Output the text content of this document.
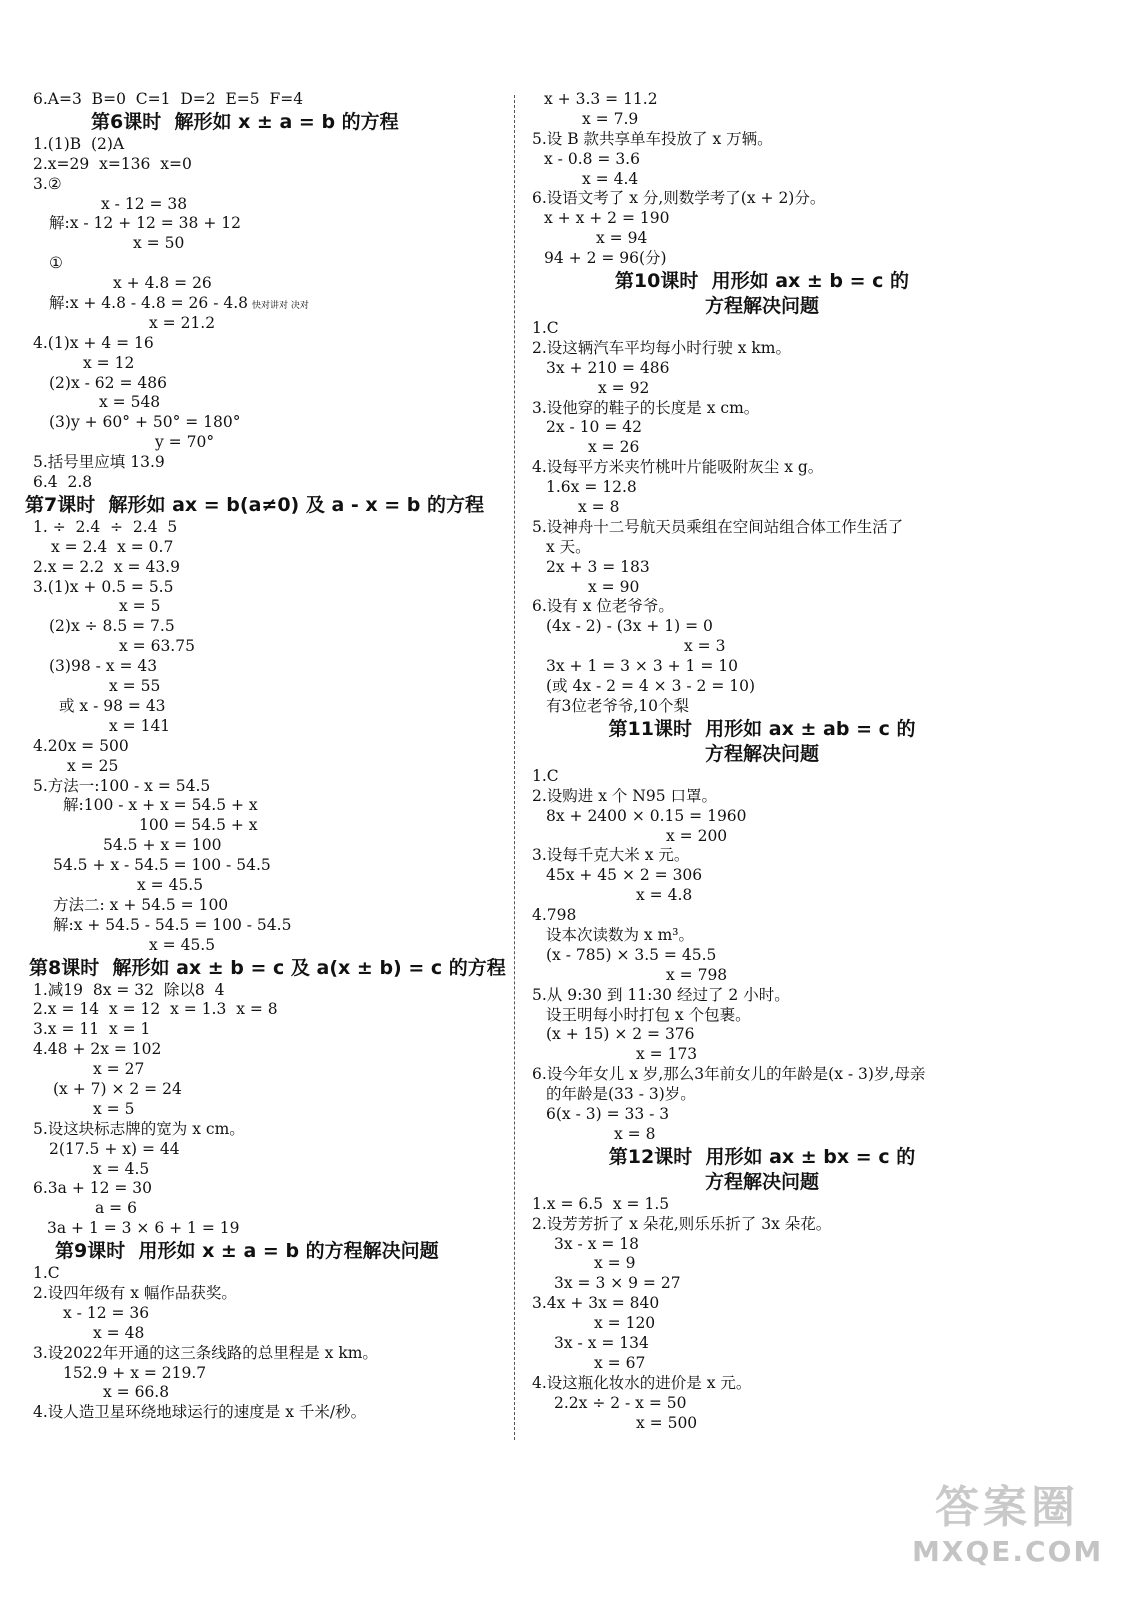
6.A=3  B=0  C=1  D=2  E=5  F=4
第6课时  解形如 x ± a = b 的方程
1.(1)B  (2)A
2.x=29  x=136  x=0
3.②
x - 12 = 38
解:x - 12 + 12 = 38 + 12
x = 50
①
x + 4.8 = 26
解:x + 4.8 - 4.8 = 26 - 4.8 快对讲对 决对
x = 21.2
4.(1)x + 4 = 16
x = 12
(2)x - 62 = 486
x = 548
(3)y + 60° + 50° = 180°
y = 70°
5.括号里应填 13.9
6.4  2.8
第7课时  解形如 ax = b(a≠0) 及 a - x = b 的方程
1. ÷  2.4  ÷  2.4  5
x = 2.4  x = 0.7
2.x = 2.2  x = 43.9
3.(1)x + 0.5 = 5.5
x = 5
(2)x ÷ 8.5 = 7.5
x = 63.75
(3)98 - x = 43
x = 55
或 x - 98 = 43
x = 141
4.20x = 500
x = 25
5.方法一:100 - x = 54.5
解:100 - x + x = 54.5 + x
100 = 54.5 + x
54.5 + x = 100
54.5 + x - 54.5 = 100 - 54.5
x = 45.5
方法二: x + 54.5 = 100
解:x + 54.5 - 54.5 = 100 - 54.5
x = 45.5
第8课时  解形如 ax ± b = c 及 a(x ± b) = c 的方程
1.减19  8x = 32  除以8  4
2.x = 14  x = 12  x = 1.3  x = 8
3.x = 11  x = 1
4.48 + 2x = 102
x = 27
(x + 7) × 2 = 24
x = 5
5.设这块标志牌的宽为 x cm。
2(17.5 + x) = 44
x = 4.5
6.3a + 12 = 30
a = 6
3a + 1 = 3 × 6 + 1 = 19
第9课时  用形如 x ± a = b 的方程解决问题
1.C
2.设四年级有 x 幅作品获奖。
x - 12 = 36
x = 48
3.设2022年开通的这三条线路的总里程是 x km。
152.9 + x = 219.7
x = 66.8
4.设人造卫星环绕地球运行的速度是 x 千米/秒。
x + 3.3 = 11.2
x = 7.9
5.设 B 款共享单车投放了 x 万辆。
x - 0.8 = 3.6
x = 4.4
6.设语文考了 x 分,则数学考了(x + 2)分。
x + x + 2 = 190
x = 94
94 + 2 = 96(分)
第10课时  用形如 ax ± b = c 的
方程解决问题
1.C
2.设这辆汽车平均每小时行驶 x km。
3x + 210 = 486
x = 92
3.设他穿的鞋子的长度是 x cm。
2x - 10 = 42
x = 26
4.设每平方米夹竹桃叶片能吸附灰尘 x g。
1.6x = 12.8
x = 8
5.设神舟十二号航天员乘组在空间站组合体工作生活了
x 天。
2x + 3 = 183
x = 90
6.设有 x 位老爷爷。
(4x - 2) - (3x + 1) = 0
x = 3
3x + 1 = 3 × 3 + 1 = 10
(或 4x - 2 = 4 × 3 - 2 = 10)
有3位老爷爷,10个梨
第11课时  用形如 ax ± ab = c 的
方程解决问题
1.C
2.设购进 x 个 N95 口罩。
8x + 2400 × 0.15 = 1960
x = 200
3.设每千克大米 x 元。
45x + 45 × 2 = 306
x = 4.8
4.798
设本次读数为 x m³。
(x - 785) × 3.5 = 45.5
x = 798
5.从 9:30 到 11:30 经过了 2 小时。
设王明每小时打包 x 个包裹。
(x + 15) × 2 = 376
x = 173
6.设今年女儿 x 岁,那么3年前女儿的年龄是(x - 3)岁,母亲
的年龄是(33 - 3)岁。
6(x - 3) = 33 - 3
x = 8
第12课时  用形如 ax ± bx = c 的
方程解决问题
1.x = 6.5  x = 1.5
2.设芳芳折了 x 朵花,则乐乐折了 3x 朵花。
3x - x = 18
x = 9
3x = 3 × 9 = 27
3.4x + 3x = 840
x = 120
3x - x = 134
x = 67
4.设这瓶化妆水的进价是 x 元。
2.2x ÷ 2 - x = 50
x = 500
答案圈
MXQE.COM
